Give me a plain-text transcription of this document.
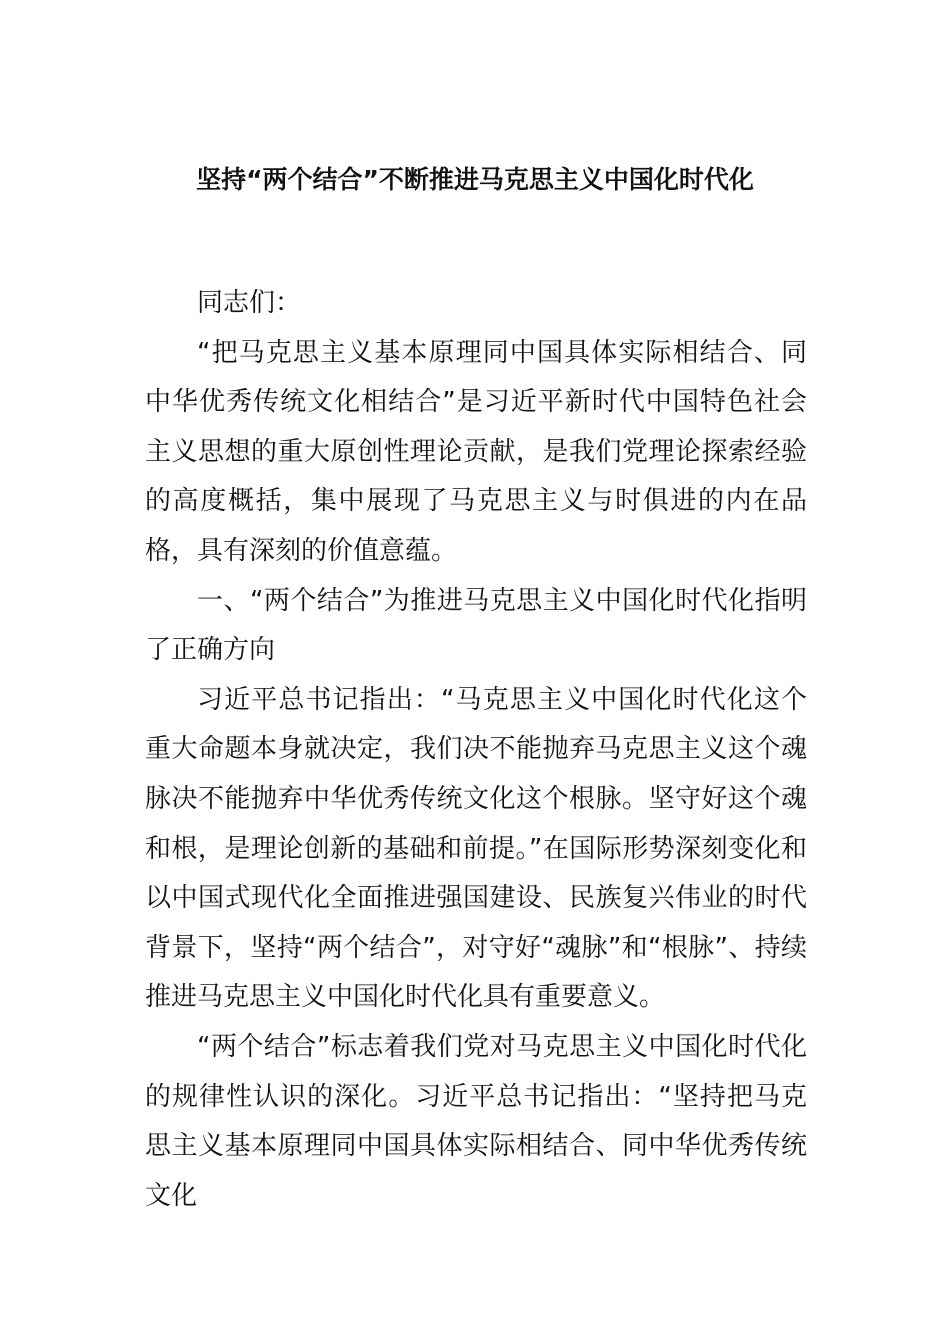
坚持“两个结合”不断推进马克思主义中国化时代化

同志们：

“把马克思主义基本原理同中国具体实际相结合、同中华优秀传统文化相结合”是习近平新时代中国特色社会主义思想的重大原创性理论贡献，是我们党理论探索经验的高度概括，集中展现了马克思主义与时俱进的内在品格，具有深刻的价值意蕴。

一、“两个结合”为推进马克思主义中国化时代化指明了正确方向

习近平总书记指出：“马克思主义中国化时代化这个重大命题本身就决定，我们决不能抛弃马克思主义这个魂脉决不能抛弃中华优秀传统文化这个根脉。坚守好这个魂和根，是理论创新的基础和前提。”在国际形势深刻变化和以中国式现代化全面推进强国建设、民族复兴伟业的时代背景下，坚持“两个结合”，对守好“魂脉”和“根脉”、持续推进马克思主义中国化时代化具有重要意义。

“两个结合”标志着我们党对马克思主义中国化时代化的规律性认识的深化。习近平总书记指出：“坚持把马克思主义基本原理同中国具体实际相结合、同中华优秀传统文化
